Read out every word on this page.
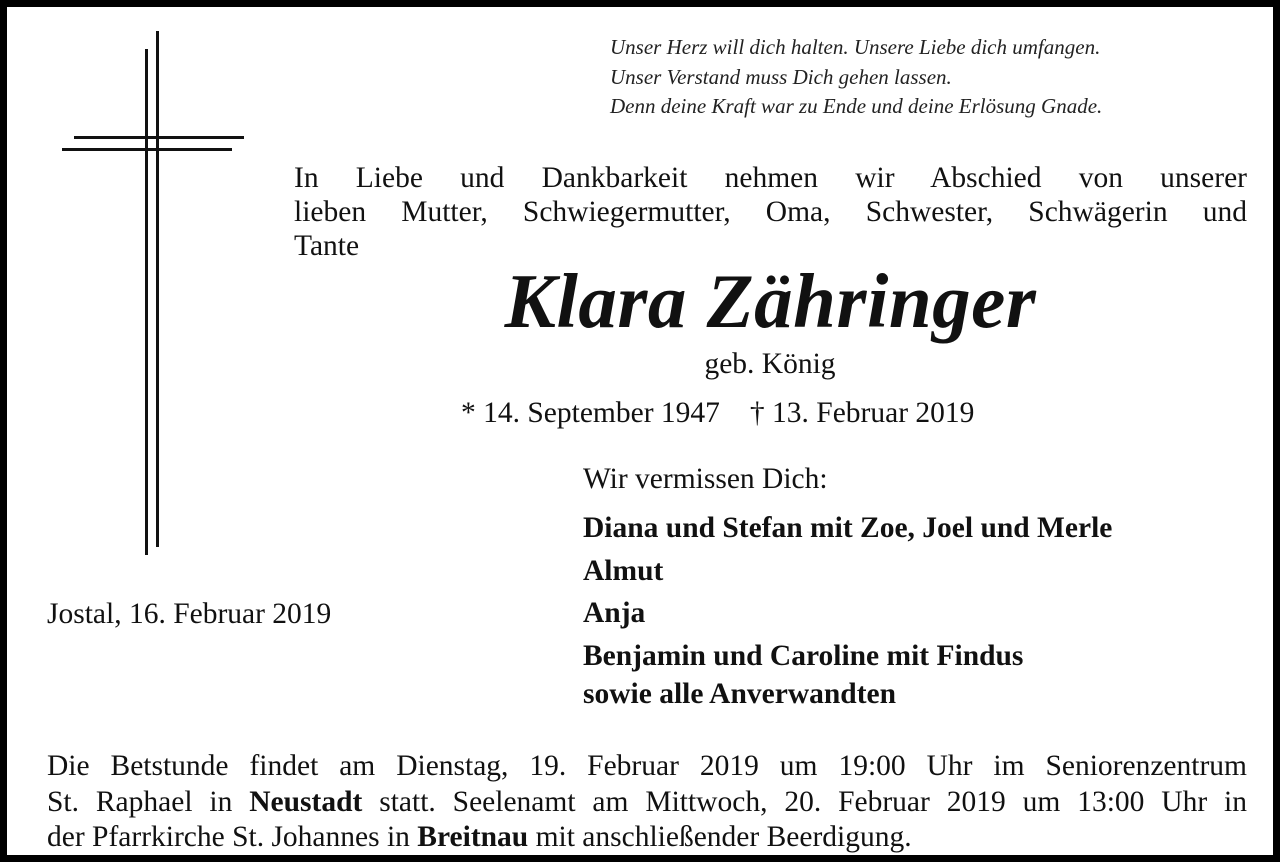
Unser Herz will dich halten. Unsere Liebe dich umfangen.
Unser Verstand muss Dich gehen lassen.
Denn deine Kraft war zu Ende und deine Erlösung Gnade.
In Liebe und Dankbarkeit nehmen wir Abschied von unserer
lieben Mutter, Schwiegermutter, Oma, Schwester, Schwägerin und
Tante
Klara Zähringer
geb. König
* 14. September 1947 † 13. Februar 2019
Wir vermissen Dich:
Diana und Stefan mit Zoe, Joel und Merle
Almut
Anja
Benjamin und Caroline mit Findus
sowie alle Anverwandten
Jostal, 16. Februar 2019
Die Betstunde findet am Dienstag, 19. Februar 2019 um 19:00 Uhr im Seniorenzentrum
St. Raphael in Neustadt statt. Seelenamt am Mittwoch, 20. Februar 2019 um 13:00 Uhr in
der Pfarrkirche St. Johannes in Breitnau mit anschließender Beerdigung.
